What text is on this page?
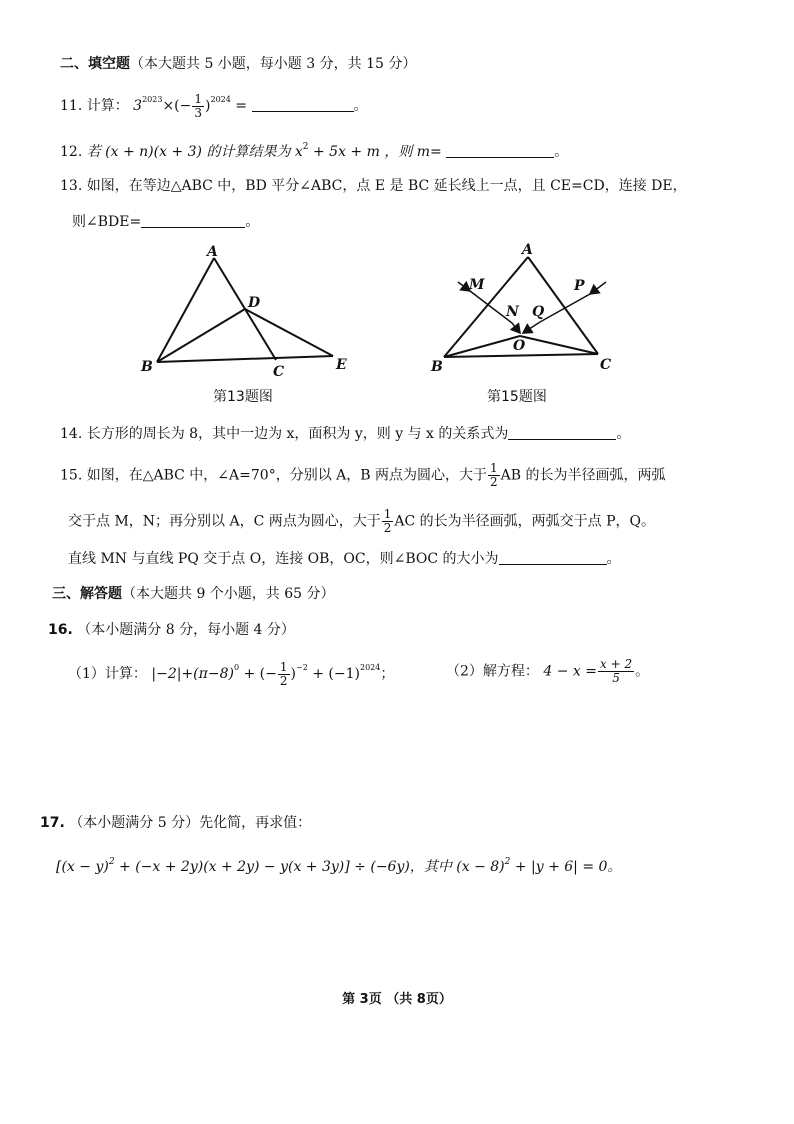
二、填空题（本大题共 5 小题，每小题 3 分，共 15 分）
11. 计算： $3^{2023}\times(- \frac{1}{3} )^{2024}$ =	。
12. 若 (x + n)(x + 3) 的计算结果为 $x^2 + 5x + m$ ，则 m=	。
13. 如图，在等边△ABC 中，BD 平分∠ABC，点 E 是 BC 延长线上一点，且 CE=CD，连接 DE，
则∠BDE=	。
A
B	C
D
E
第13题图
A
B	C
M
N Q
P
O
第15题图
14. 长方形的周长为 8，其中一边为 x，面积为 y，则 y 与 x 的关系式为	。
15. 如图，在△ABC 中，∠A=70°，分别以 A，B 两点为圆心，大于 $\frac{1}{2}$ AB 的长为半径画弧，两弧
交于点 M，N；再分别以 A，C 两点为圆心，大于 $\frac{1}{2}$ AC 的长为半径画弧，两弧交于点 P，Q。
直线 MN 与直线 PQ 交于点 O，连接 OB，OC，则∠BOC 的大小为	。
三、解答题（本大题共 9 个小题，共 65 分）
16. （本小题满分 8 分，每小题 4 分）
（1）计算： $|-2|+(\pi-8)^0$ + (− $\frac{1}{2} )^{-2} + (-1)^{2024}$；	（2）解方程： $4 - x = \frac{x + 2}{5}$ 。
17. （本小题满分 5 分）先化简，再求值：
$[(x - y)^2 + (-x + 2y)(x + 2y) - y(x + 3y)] \div (-6y)$，其中 $(x - 8)^2 + |y + 6| = 0$。
第 3页 （共 8页）
